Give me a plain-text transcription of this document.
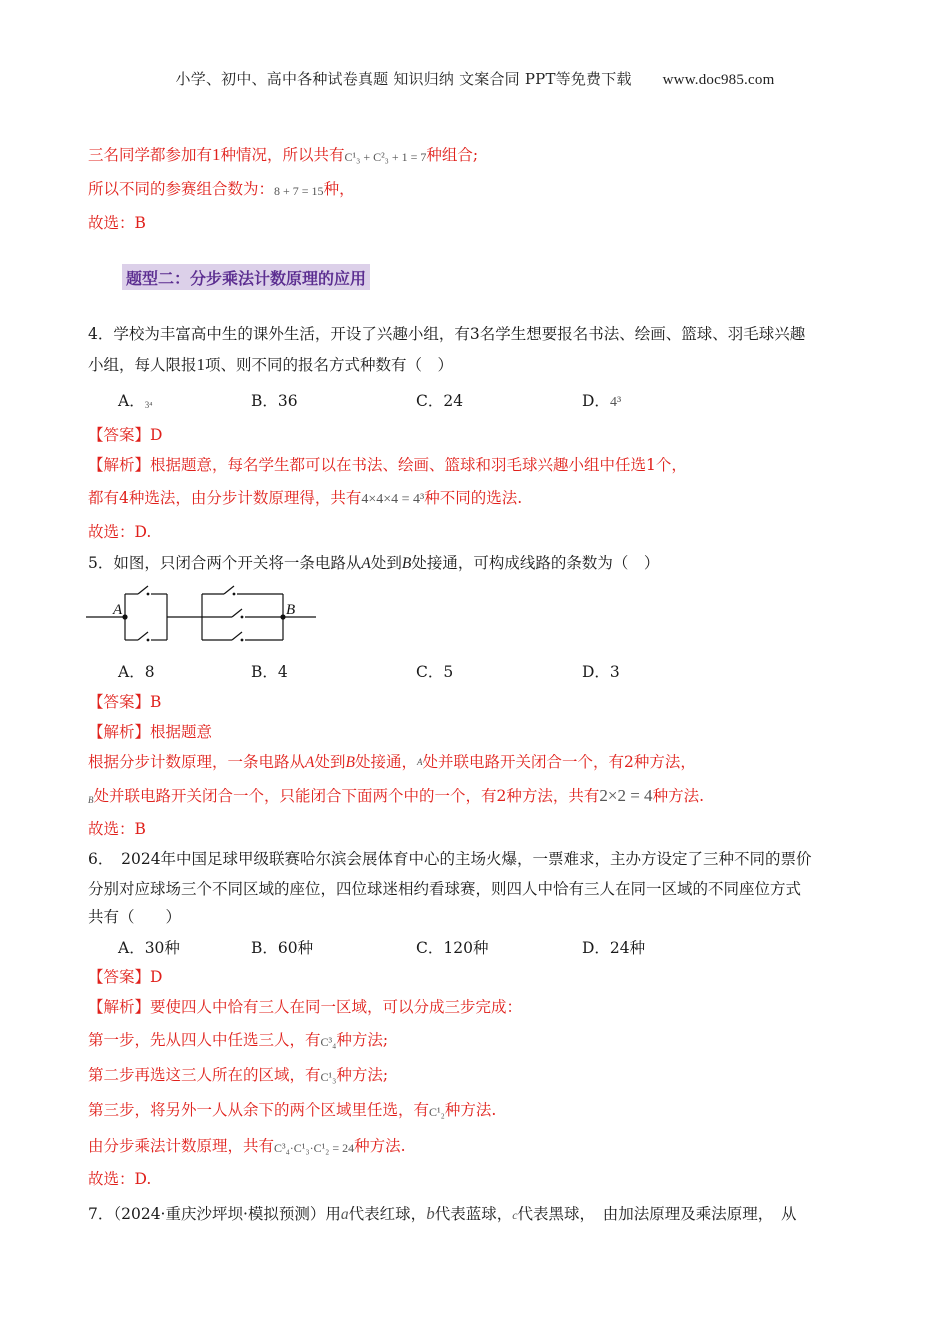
小学、初中、高中各种试卷真题 知识归纳 文案合同 PPT等免费下载 www.doc985.com
三名同学都参加有1种情况，所以共有C¹₃ + C²₃ + 1 = 7种组合;
所以不同的参赛组合数为：8 + 7 = 15种，
故选：B
题型二：分步乘法计数原理的应用
4．学校为丰富高中生的课外生活，开设了兴趣小组，有3名学生想要报名书法、绘画、篮球、羽毛球兴趣
小组，每人限报1项、则不同的报名方式种数有（　）
A．3⁴	B．36	C．24	D．4³
【答案】D
【解析】根据题意，每名学生都可以在书法、绘画、篮球和羽毛球兴趣小组中任选1个，
都有4种选法，由分步计数原理得，共有4×4×4 = 4³种不同的选法.
故选：D.
5．如图，只闭合两个开关将一条电路从A处到B处接通，可构成线路的条数为（　）
A	B
A．8	B．4	C．5	D．3
【答案】B
【解析】根据题意
根据分步计数原理，一条电路从A处到B处接通，A处并联电路开关闭合一个，有2种方法，
B处并联电路开关闭合一个，只能闭合下面两个中的一个，有2种方法，共有2×2 = 4种方法.
故选：B
6．　2024年中国足球甲级联赛哈尔滨会展体育中心的主场火爆，一票难求，主办方设定了三种不同的票价
分别对应球场三个不同区域的座位，四位球迷相约看球赛，则四人中恰有三人在同一区域的不同座位方式
共有（　　）
A．30种	B．60种	C．120种	D．24种
【答案】D
【解析】要使四人中恰有三人在同一区域，可以分成三步完成：
第一步，先从四人中任选三人，有C³₄种方法;
第二步再选这三人所在的区域，有C¹₃种方法;
第三步，将另外一人从余下的两个区域里任选，有C¹₂种方法.
由分步乘法计数原理，共有C³₄·C¹₃·C¹₂ = 24种方法.
故选：D.
7．（2024·重庆沙坪坝·模拟预测）用a代表红球，b代表蓝球，c代表黑球，　由加法原理及乘法原理，　从
